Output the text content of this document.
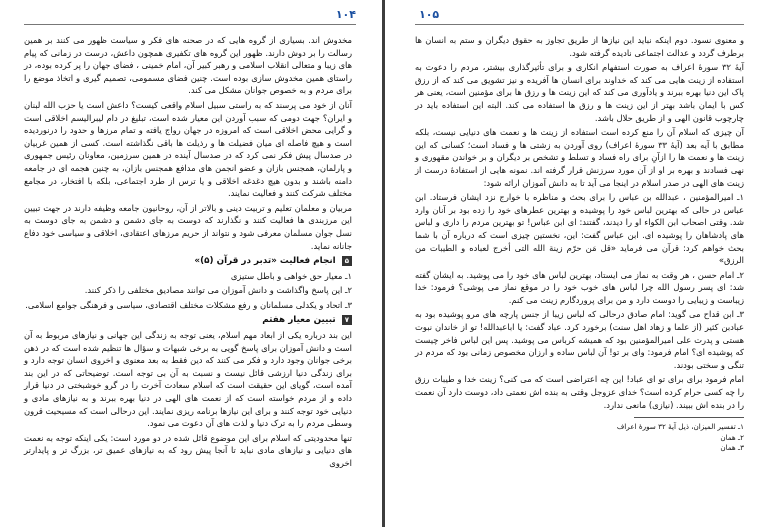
۱۰۴

مخدوش اند. بسیاری از گروه هایی که در صحنه های فکر و سیاست ظهور می کنند بر همین رسالت را بر دوش دارند. ظهور این گروه های تکفیری همچون داعش، درست در زمانی که پیام های زیبا و متعالی انقلاب اسلامی و رهبر کبیر آن، امام خمینی ، فضای جهان را پر کرده بوده، در راستای همین مخدوش سازی بوده است. چنین فضای مسمومی، تصمیم گیری و اتخاذ موضع را برای مردم و به خصوص جوانان مشکل می کند.

آنان از خود می پرسند که به راستی سبیل اسلام واقعی کیست؟ داعش است یا حزب الله لبنان و ایران؟ جهت دومی که سبب آوردن این معیار شده است، تبلیغ در دام لیبرالیسم اخلاقی است و گرایی محض اخلاقی است که امروزه در جهان رواج یافته و تمام مرزها و حدود را درنوردیده است و هیچ فاصله ای میان فضیلت ها و رذیلت ها باقی نگذاشته است. کسی از همین غربیان در صدسال پیش فکر نمی کرد که در صدسال آینده در همین سرزمین، معاونان رئیس جمهوری و پارلمان، همجنس بازان و عضو انجمن های مدافع همجنس بازان، به چنین هجمه ای در جامعه دامنه باشند و بدون هیچ دغدغه اخلاقی و یا ترس از طرد اجتماعی، بلکه با افتخار، در مجامع مختلف شرکت کنند و فعالیت نمایند.

مربیان و معلمان تعلیم و تربیت دینی و بالاتر از آن، روحانیون جامعه وظیفه دارند در جهت تبیین این مرزبندی ها فعالیت کنند و نگذارند که دوست به جای دشمن و دشمن به جای دوست به نسل جوان مسلمان معرفی شود و نتواند از حریم مرزهای اعتقادی، اخلاقی و سیاسی خود دفاع جانانه نماید.

۵ انجام فعالیت «تدبر در قرآن (۵)»

۱ـ معیار حق خواهی و باطل ستیزی

۲ـ این پاسخ واگذاشت و دانش آموزان می توانند مصادیق مختلفی را ذکر کنند.

۳ـ اتحاد و یکدلی مسلمانان و رفع مشکلات مختلف اقتصادی، سیاسی و فرهنگی جوامع اسلامی.

۷ تبیین معیار هفتم

این بند درباره یکی از ابعاد مهم اسلام، یعنی توجه به زندگی این جهانی و نیازهای مربوط به آن است و دانش آموزان برای پاسخ گویی به برخی شبهات و سؤال ها تنظیم شده است که در ذهن برخی جوانان وجود دارد و فکر می کنند که دین فقط به بعد معنوی و اخروی انسان توجه دارد و برای زندگی دنیا ارزشی قائل نیست و نسبت به آن بی توجه است. توضیحاتی که در این بند آمده است، گویای این حقیقت است که اسلام سعادت آخرت را در گرو خوشبختی در دنیا قرار داده و از مردم خواسته است که از نعمت های الهی در دنیا بهره ببرند و به نیازهای مادی و دنیایی خود توجه کنند و برای این نیازها برنامه ریزی نمایند. این درحالی است که مسیحیت قرون وسطی مردم را به ترک دنیا و لذت های آن دعوت می نمود.

تنها محدودیتی که اسلام برای این موضوع قائل شده در دو مورد است: یکی اینکه توجه به نعمت های دنیایی و نیازهای مادی نباید تا آنجا پیش رود که به نیازهای عمیق تر، بزرگ تر و پایدارتر اخروی

۱۰۵

و معنوی نسود. دوم اینکه نباید این نیازها از طریق تجاوز به حقوق دیگران و ستم به انسان ها برطرف گردد و عدالت اجتماعی نادیده گرفته شود.

آیهٔ ۳۲ سورهٔ اعراف به صورت استفهام انکاری و برای تأثیرگذاری بیشتر، مردم را دعوت به استفاده از زینت هایی می کند که خداوند برای انسان ها آفریده و نیز تشویق می کند که از رزق پاک این دنیا بهره ببرند و یادآوری می کند که این زینت ها و رزق ها برای مؤمنین است، یعنی هر کس با ایمان باشد بهتر از این زینت ها و رزق ها استفاده می کند. البته این استفاده باید در چارچوب قانون الهی و از طریق حلال باشد.

آن چیزی که اسلام آن را منع کرده است استفاده از زینت ها و نعمت های دنیایی نیست، بلکه مطابق با آیه بعد (آیهٔ ۳۳ سورهٔ اعراف) روی آوردن به زشتی ها و فساد است؛ کسانی که این زینت ها و نعمت ها را ازآنِ برای راه فساد و تسلط و تشخص بر دیگران و بر خواندن مقهوری و نهی فسادند و بهره بر او از آن مورد سرزنش قرار گرفته اند. نمونه هایی از استفادهٔ درست از زینت های الهی در صدر اسلام در اینجا می آید تا به دانش آموزان ارائه شود:

۱ـ امیرالمؤمنین ، عبدالله بن عباس را برای بحث و مناظره با خوارج نزد ایشان فرستاد. ابن عباس در حالی که بهترین لباس خود را پوشیده و بهترین عطرهای خود را زده بود بر آنان وارد شد. وقتی اصحاب ابن الکواء او را دیدند، گفتند: ای ابن عباس! تو بهترین مردم را داری و لباس های پادشاهان را پوشیده ای. ابن عباس گفت: این، نخستین چیزی است که درباره آن با شما بحث خواهم کرد: قرآن می فرماید «قل مَن حرّم زینة الله التی أخرج لعباده و الطیبات من الرزق»

۲ـ امام حسن ، هر وقت به نماز می ایستاد، بهترین لباس های خود را می پوشید. به ایشان گفته شد: ای پسر رسول الله چرا لباس های خوب خود را در موقع نماز می پوشی؟ فرمود: خدا زیباست و زیبایی را دوست دارد و من برای پروردگارم زینت می کنم.

۳ـ ابن قداح می گوید: امام صادق درحالی که لباس زیبا از جنس پارچه های مرو پوشیده بود به عبادبن کثیر (از علما و زهاد اهل سنت) برخورد کرد. عباد گفت: یا اباعبدالله! تو از خاندان نبوت هستی و پدرت علی امیرالمؤمنین بود که همیشه کرباس می پوشید. پس این لباس فاخر چیست که پوشیده ای؟ امام فرمود: وای بر تو! آن لباس ساده و ارزان مخصوص زمانی بود که مردم در تنگی و سختی بودند.

امام فرمود برای برای تو ای عباد! این چه اعتراضی است که می کنی؟ زینت خدا و طیبات رزق را چه کسی حرام کرده است؟ خدای عزوجل وقتی به بنده اش نعمتی داد، دوست دارد آن نعمت را در بنده اش ببیند. (نیازی) مانعی ندارد.

۱ـ تفسیر المیزان، ذیل آیهٔ ۳۲ سورهٔ اعراف

۲ـ همان

۳ـ همان
